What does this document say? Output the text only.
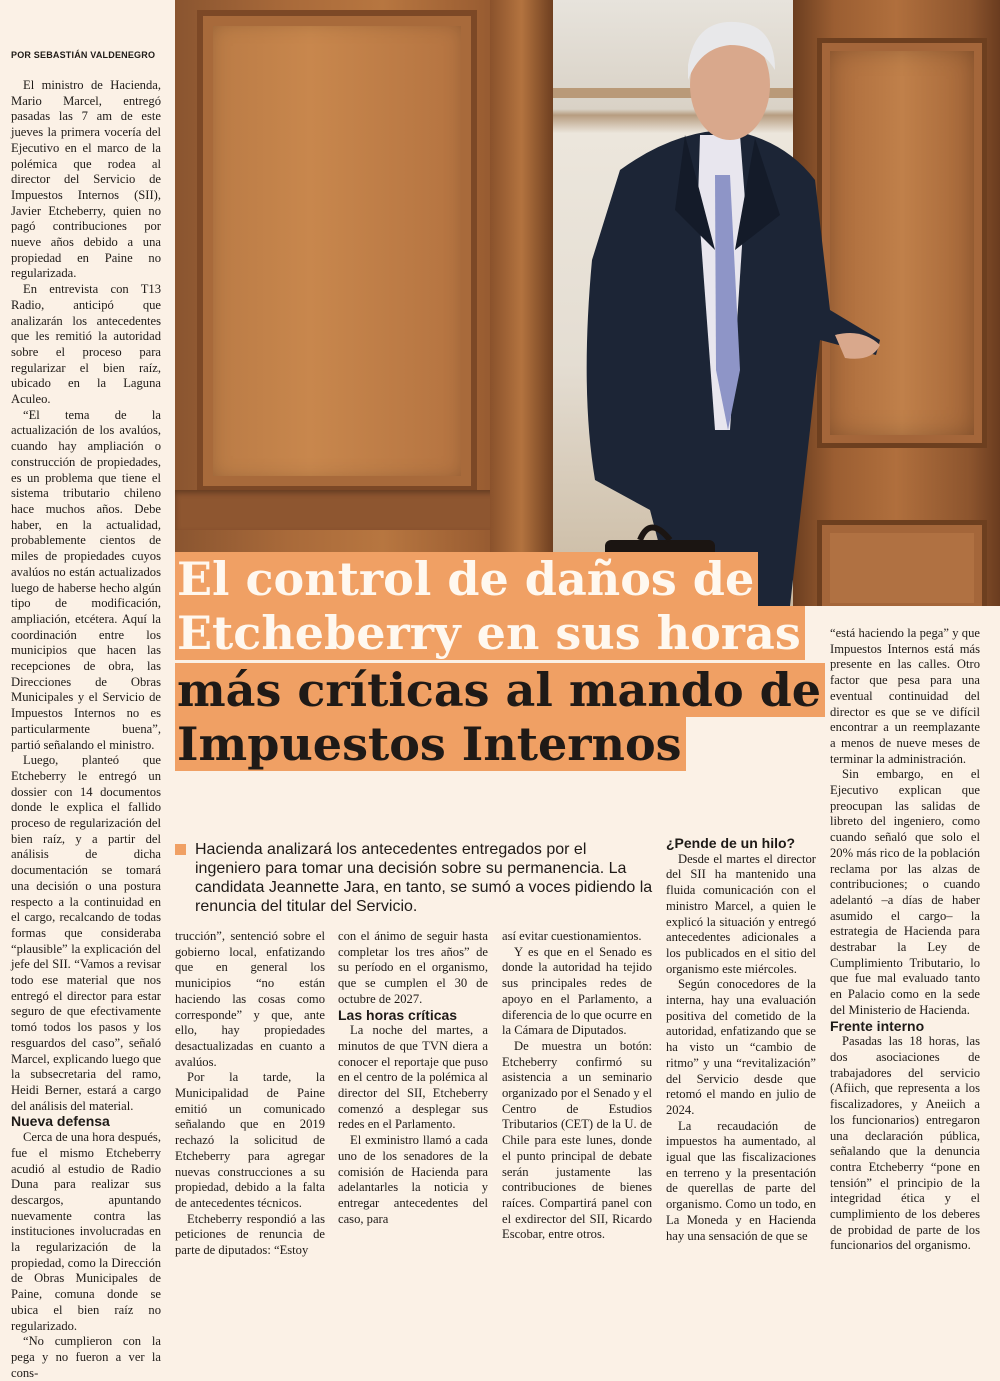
POR SEBASTIÁN VALDENEGRO
El control de daños de
Etcheberry en sus horas
más críticas al mando de
Impuestos Internos
Hacienda analizará los antecedentes entregados por el ingeniero para tomar una decisión sobre su permanencia. La candidata Jeannette Jara, en tanto, se sumó a voces pidiendo la renuncia del titular del Servicio.

El ministro de Hacienda, Mario Marcel, entregó pasadas las 7 am de este jueves la primera vocería del Ejecutivo en el marco de la polémica que rodea al director del Servicio de Impuestos Internos (SII), Javier Etcheberry, quien no pagó contribuciones por nueve años debido a una propiedad en Paine no regularizada.

En entrevista con T13 Radio, anticipó que analizarán los antecedentes que les remitió la autoridad sobre el proceso para regularizar el bien raíz, ubicado en la Laguna Aculeo.

“El tema de la actualización de los avalúos, cuando hay ampliación o construcción de propiedades, es un problema que tiene el sistema tributario chileno hace muchos años. Debe haber, en la actualidad, probablemente cientos de miles de propiedades cuyos avalúos no están actualizados luego de haberse hecho algún tipo de modificación, ampliación, etcétera. Aquí la coordinación entre los municipios que hacen las recepciones de obra, las Direcciones de Obras Municipales y el Servicio de Impuestos Internos no es particularmente buena”, partió señalando el ministro.

Luego, planteó que Etcheberry le entregó un dossier con 14 documentos donde le explica el fallido proceso de regularización del bien raíz, y a partir del análisis de dicha documentación se tomará una decisión o una postura respecto a la continuidad en el cargo, recalcando de todas formas que consideraba “plausible” la explicación del jefe del SII. “Vamos a revisar todo ese material que nos entregó el director para estar seguro de que efectivamente tomó todos los pasos y los resguardos del caso”, señaló Marcel, explicando luego que la subsecretaria del ramo, Heidi Berner, estará a cargo del análisis del material.

Nueva defensa

Cerca de una hora después, fue el mismo Etcheberry acudió al estudio de Radio Duna para realizar sus descargos, apuntando nuevamente contra las instituciones involucradas en la regularización de la propiedad, como la Dirección de Obras Municipales de Paine, comuna donde se ubica el bien raíz no regularizado.

“No cumplieron con la pega y no fueron a ver la cons-

trucción”, sentenció sobre el gobierno local, enfatizando que en general los municipios “no están haciendo las cosas como corresponde” y que, ante ello, hay propiedades desactualizadas en cuanto a avalúos.

Por la tarde, la Municipalidad de Paine emitió un comunicado señalando que en 2019 rechazó la solicitud de Etcheberry para agregar nuevas construcciones a su propiedad, debido a la falta de antecedentes técnicos.

Etcheberry respondió a las peticiones de renuncia de parte de diputados: “Estoy

con el ánimo de seguir hasta completar los tres años” de su período en el organismo, que se cumplen el 30 de octubre de 2027.

Las horas críticas

La noche del martes, a minutos de que TVN diera a conocer el reportaje que puso en el centro de la polémica al director del SII, Etcheberry comenzó a desplegar sus redes en el Parlamento.

El exministro llamó a cada uno de los senadores de la comisión de Hacienda para adelantarles la noticia y entregar antecedentes del caso, para

así evitar cuestionamientos.

Y es que en el Senado es donde la autoridad ha tejido sus principales redes de apoyo en el Parlamento, a diferencia de lo que ocurre en la Cámara de Diputados.

De muestra un botón: Etcheberry confirmó su asistencia a un seminario organizado por el Senado y el Centro de Estudios Tributarios (CET) de la U. de Chile para este lunes, donde el punto principal de debate serán justamente las contribuciones de bienes raíces. Compartirá panel con el exdirector del SII, Ricardo Escobar, entre otros.

¿Pende de un hilo?

Desde el martes el director del SII ha mantenido una fluida comunicación con el ministro Marcel, a quien le explicó la situación y entregó antecedentes adicionales a los publicados en el sitio del organismo este miércoles.

Según conocedores de la interna, hay una evaluación positiva del cometido de la autoridad, enfatizando que se ha visto un “cambio de ritmo” y una “revitalización” del Servicio desde que retomó el mando en julio de 2024.

La recaudación de impuestos ha aumentado, al igual que las fiscalizaciones en terreno y la presentación de querellas de parte del organismo. Como un todo, en La Moneda y en Hacienda hay una sensación de que se

“está haciendo la pega” y que Impuestos Internos está más presente en las calles. Otro factor que pesa para una eventual continuidad del director es que se ve difícil encontrar a un reemplazante a menos de nueve meses de terminar la administración.

Sin embargo, en el Ejecutivo explican que preocupan las salidas de libreto del ingeniero, como cuando señaló que solo el 20% más rico de la población reclama por las alzas de contribuciones; o cuando adelantó –a días de haber asumido el cargo– la estrategia de Hacienda para destrabar la Ley de Cumplimiento Tributario, lo que fue mal evaluado tanto en Palacio como en la sede del Ministerio de Hacienda.

Frente interno

Pasadas las 18 horas, las dos asociaciones de trabajadores del servicio (Afiich, que representa a los fiscalizadores, y Aneiich a los funcionarios) entregaron una declaración pública, señalando que la denuncia contra Etcheberry “pone en tensión” el principio de la integridad ética y el cumplimiento de los deberes de probidad de parte de los funcionarios del organismo.
